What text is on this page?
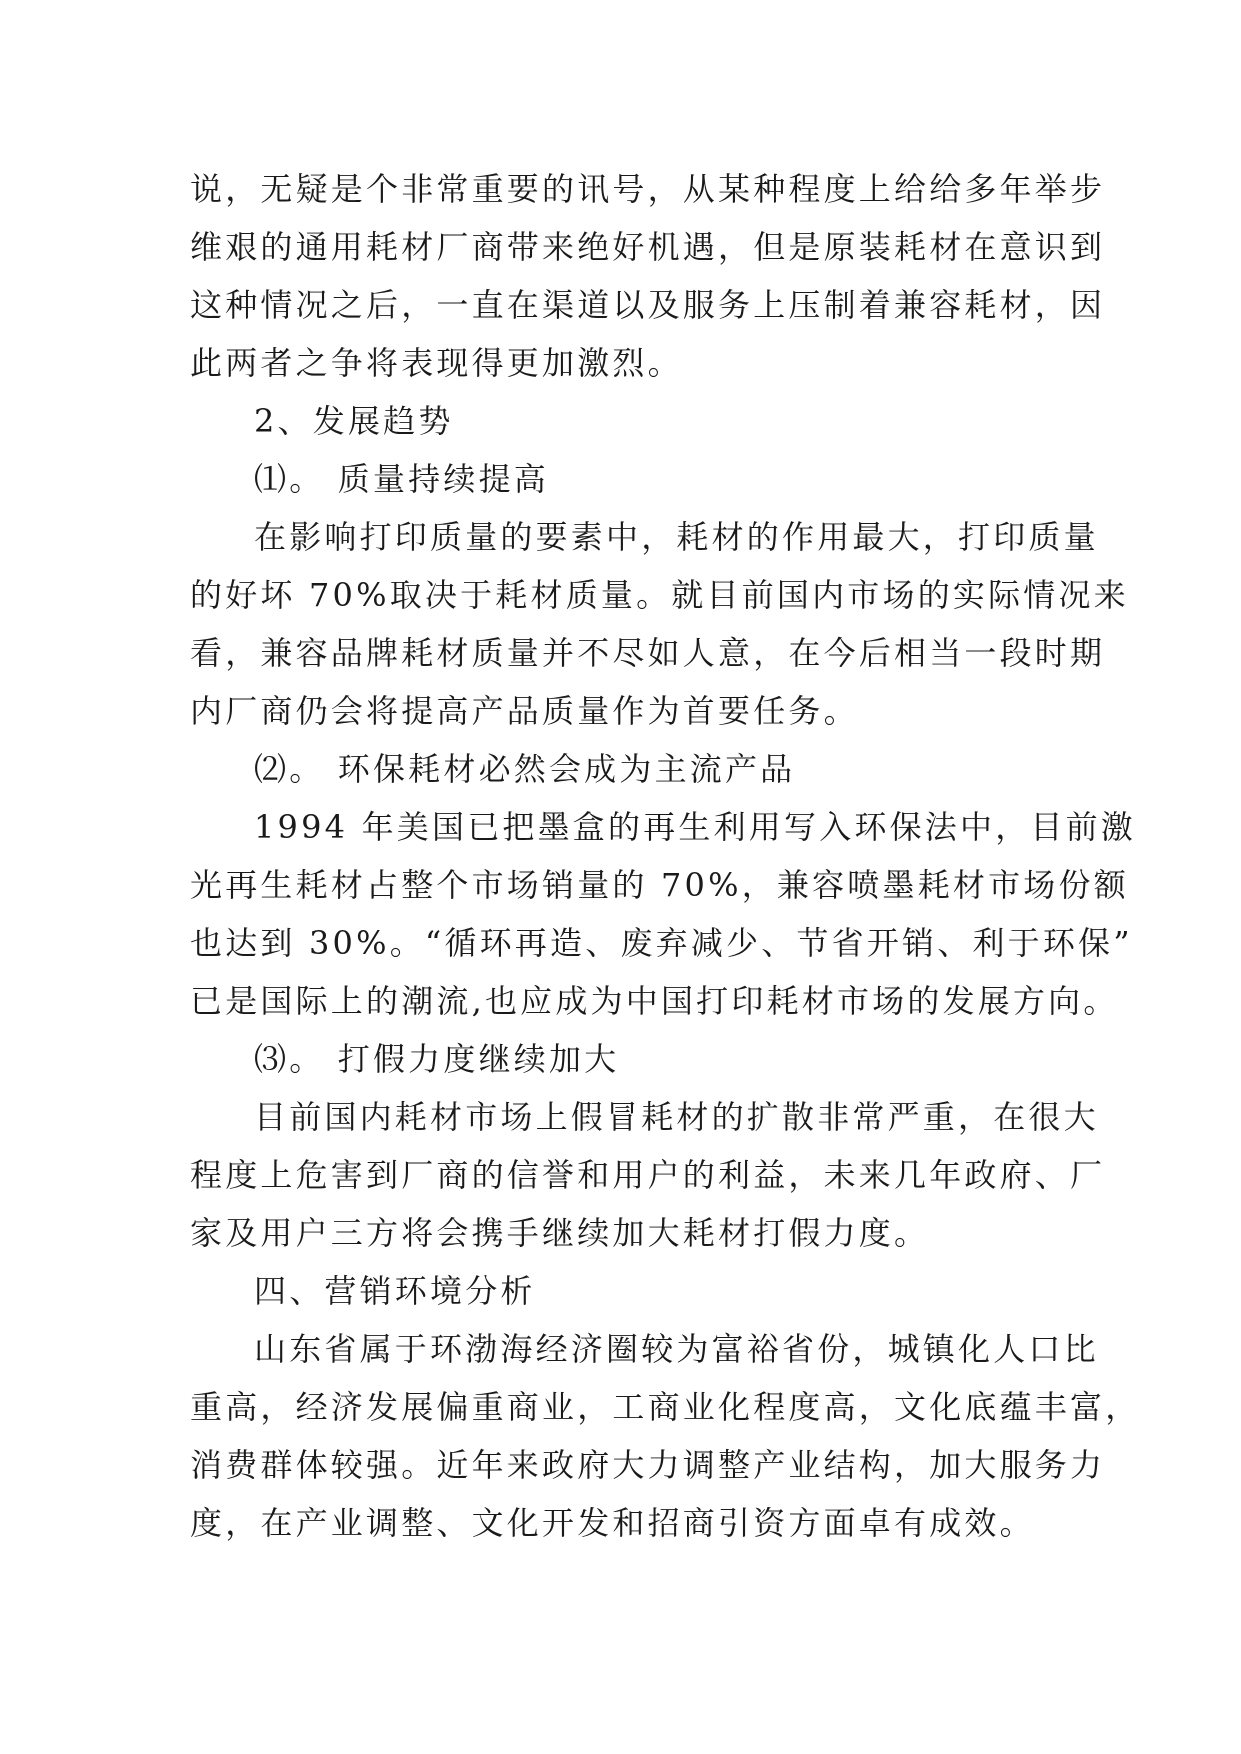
说，无疑是个非常重要的讯号，从某种程度上给给多年举步
维艰的通用耗材厂商带来绝好机遇，但是原装耗材在意识到
这种情况之后，一直在渠道以及服务上压制着兼容耗材，因
此两者之争将表现得更加激烈。
2、发展趋势
⑴。 质量持续提高
在影响打印质量的要素中，耗材的作用最大，打印质量
的好坏 70%取决于耗材质量。就目前国内市场的实际情况来
看，兼容品牌耗材质量并不尽如人意，在今后相当一段时期
内厂商仍会将提高产品质量作为首要任务。
⑵。 环保耗材必然会成为主流产品
1994 年美国已把墨盒的再生利用写入环保法中，目前激
光再生耗材占整个市场销量的 70%，兼容喷墨耗材市场份额
也达到 30%。“循环再造、废弃减少、节省开销、利于环保”
已是国际上的潮流,也应成为中国打印耗材市场的发展方向。
⑶。 打假力度继续加大
目前国内耗材市场上假冒耗材的扩散非常严重，在很大
程度上危害到厂商的信誉和用户的利益，未来几年政府、厂
家及用户三方将会携手继续加大耗材打假力度。
四、营销环境分析
山东省属于环渤海经济圈较为富裕省份，城镇化人口比
重高，经济发展偏重商业，工商业化程度高，文化底蕴丰富，
消费群体较强。近年来政府大力调整产业结构，加大服务力
度，在产业调整、文化开发和招商引资方面卓有成效。
